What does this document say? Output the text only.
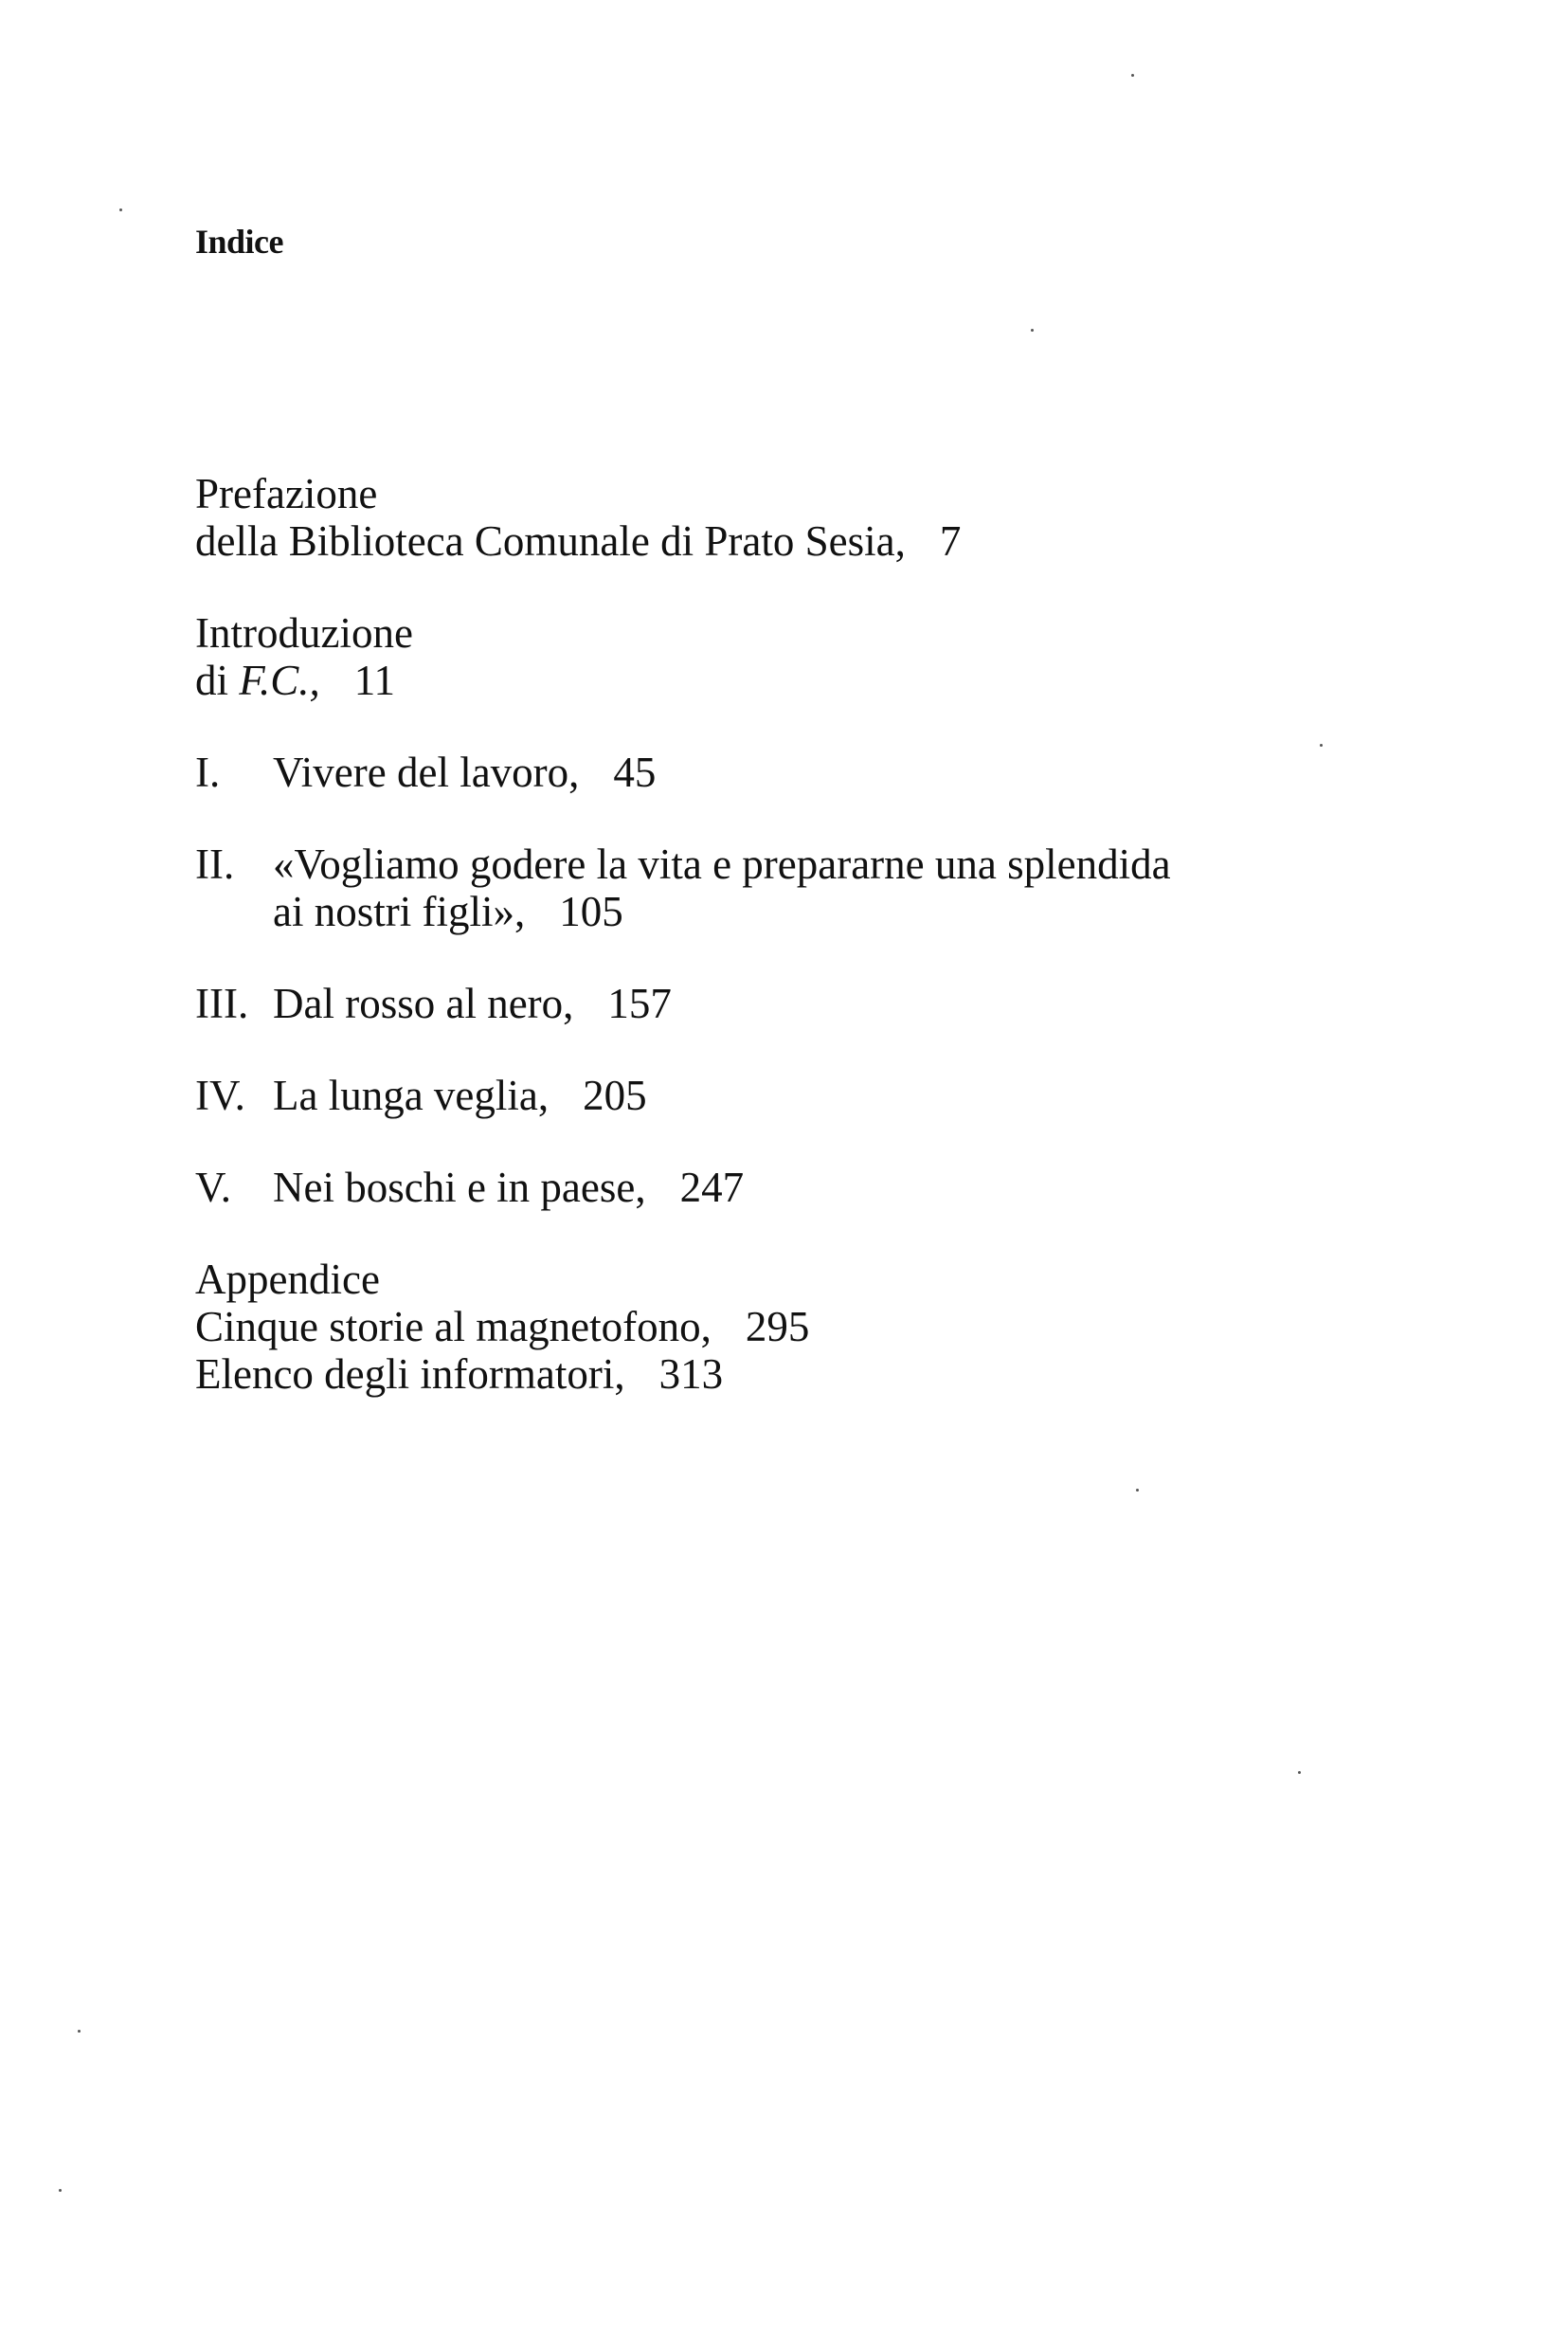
Indice
Prefazione
della Biblioteca Comunale di Prato Sesia, 7
Introduzione
di F.C., 11
I. Vivere del lavoro, 45
II. «Vogliamo godere la vita e prepararne una splendida
ai nostri figli», 105
III. Dal rosso al nero, 157
IV. La lunga veglia, 205
V. Nei boschi e in paese, 247
Appendice
Cinque storie al magnetofono, 295
Elenco degli informatori, 313
